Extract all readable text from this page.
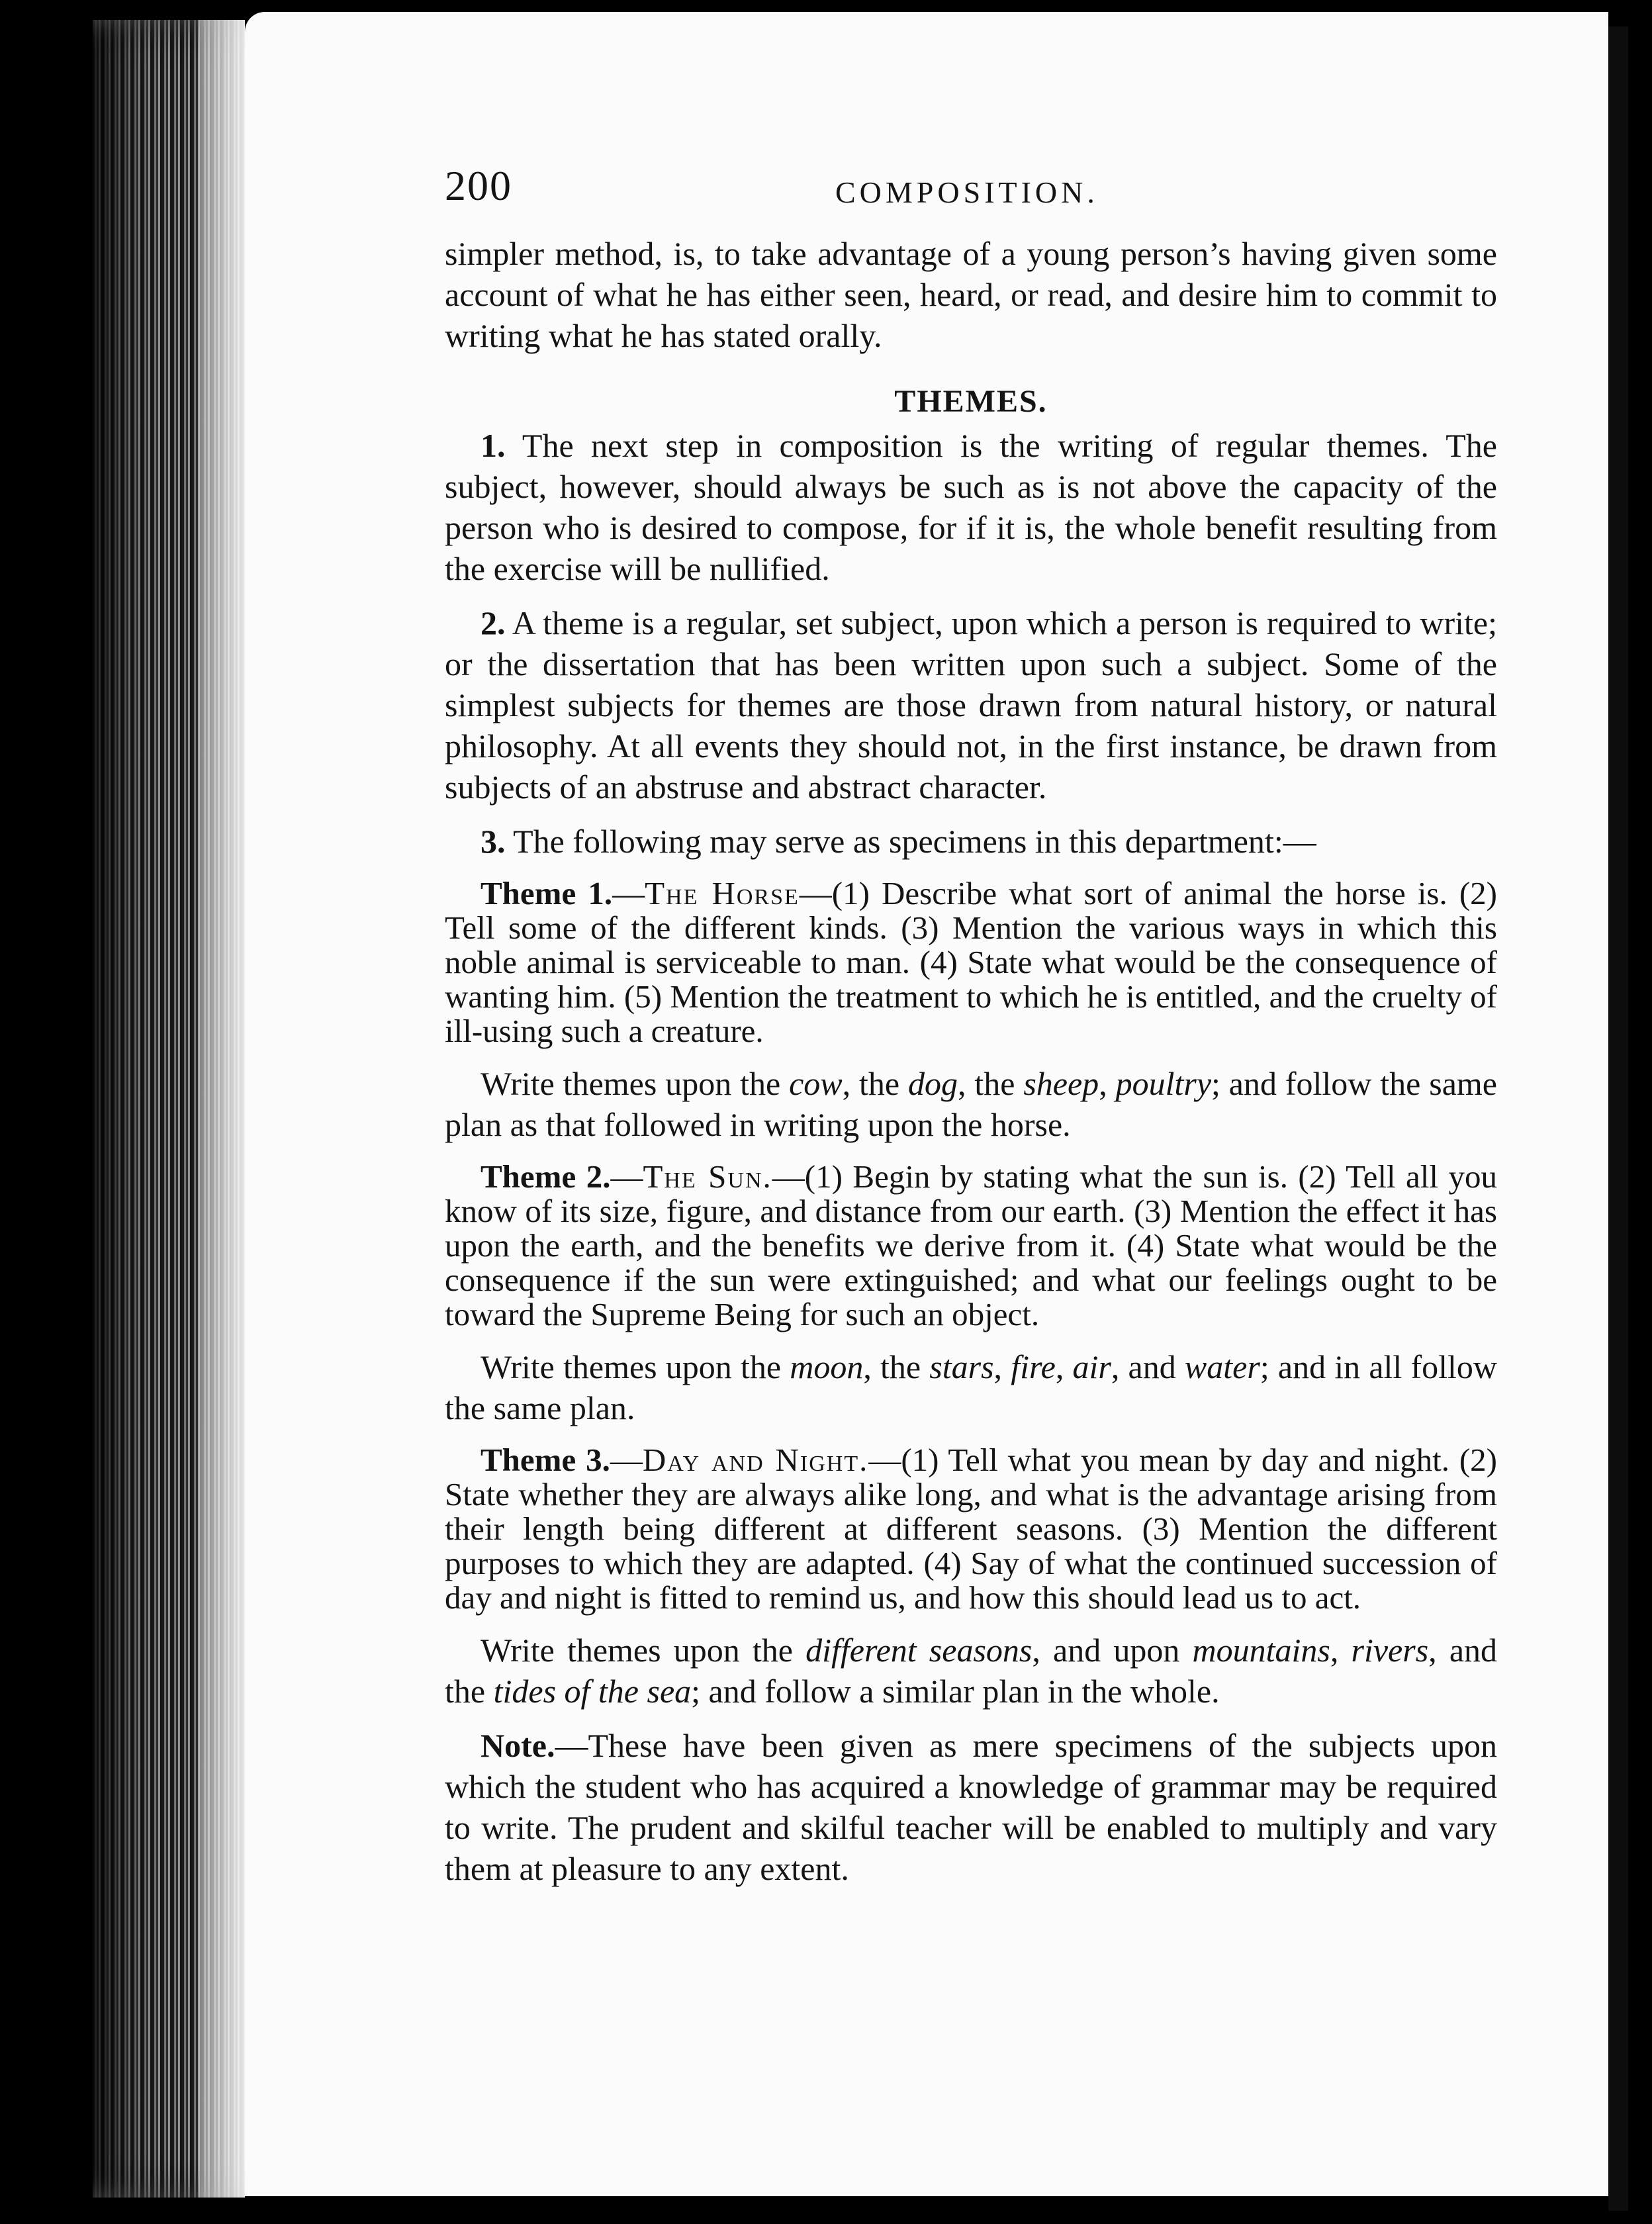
200	COMPOSITION.

simpler method, is, to take advantage of a young person’s having given some account of what he has either seen, heard, or read, and desire him to commit to writing what he has stated orally.

THEMES.

1. The next step in composition is the writing of regular themes. The subject, however, should always be such as is not above the capacity of the person who is desired to compose, for if it is, the whole benefit resulting from the exercise will be nullified.

2. A theme is a regular, set subject, upon which a person is required to write; or the dissertation that has been written upon such a subject. Some of the simplest subjects for themes are those drawn from natural history, or natural philosophy. At all events they should not, in the first instance, be drawn from subjects of an abstruse and abstract character.

3. The following may serve as specimens in this department:—

Theme 1.—The Horse—(1) Describe what sort of animal the horse is. (2) Tell some of the different kinds. (3) Mention the various ways in which this noble animal is serviceable to man. (4) State what would be the consequence of wanting him. (5) Mention the treatment to which he is entitled, and the cruelty of ill-using such a creature.

Write themes upon the cow, the dog, the sheep, poultry; and follow the same plan as that followed in writing upon the horse.

Theme 2.—The Sun.—(1) Begin by stating what the sun is. (2) Tell all you know of its size, figure, and distance from our earth. (3) Mention the effect it has upon the earth, and the benefits we derive from it. (4) State what would be the consequence if the sun were extinguished; and what our feelings ought to be toward the Supreme Being for such an object.

Write themes upon the moon, the stars, fire, air, and water; and in all follow the same plan.

Theme 3.—Day and Night.—(1) Tell what you mean by day and night. (2) State whether they are always alike long, and what is the advantage arising from their length being different at different seasons. (3) Mention the different purposes to which they are adapted. (4) Say of what the continued succession of day and night is fitted to remind us, and how this should lead us to act.

Write themes upon the different seasons, and upon mountains, rivers, and the tides of the sea; and follow a similar plan in the whole.

Note.—These have been given as mere specimens of the subjects upon which the student who has acquired a knowledge of grammar may be required to write. The prudent and skilful teacher will be enabled to multiply and vary them at pleasure to any extent.
